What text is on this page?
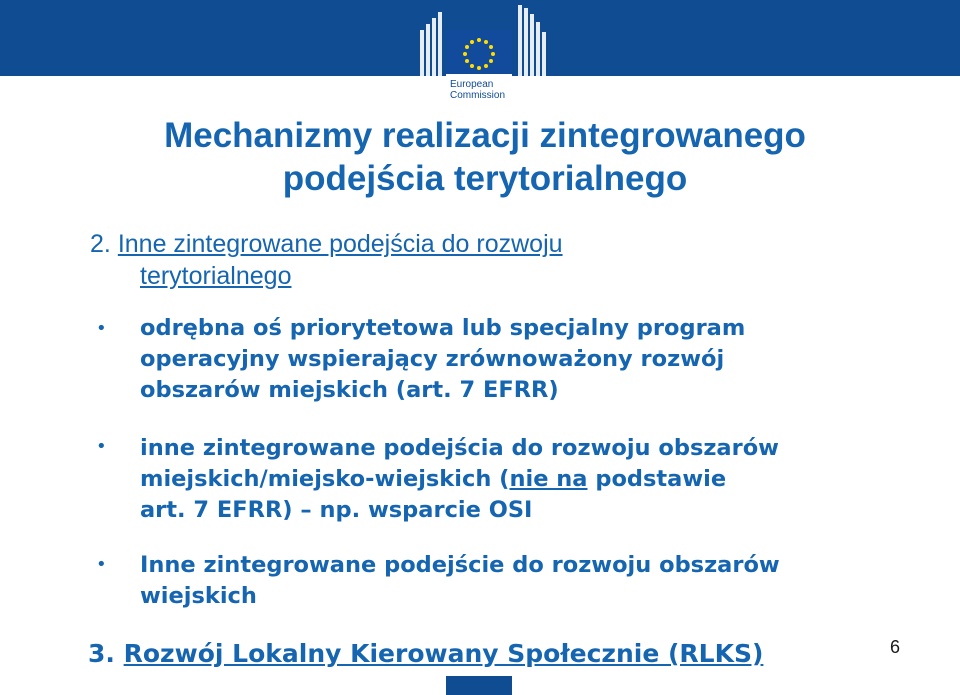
European
Commission
Mechanizmy realizacji zintegrowanego
podejścia terytorialnego
2. Inne zintegrowane podejścia do rozwoju
terytorialnego
• odrębna oś priorytetowa lub specjalny program
operacyjny wspierający zrównoważony rozwój
obszarów miejskich (art. 7 EFRR)
• inne zintegrowane podejścia do rozwoju obszarów
miejskich/miejsko-wiejskich (nie na podstawie
art. 7 EFRR) – np. wsparcie OSI
• Inne zintegrowane podejście do rozwoju obszarów
wiejskich
3. Rozwój Lokalny Kierowany Społecznie (RLKS)	6
